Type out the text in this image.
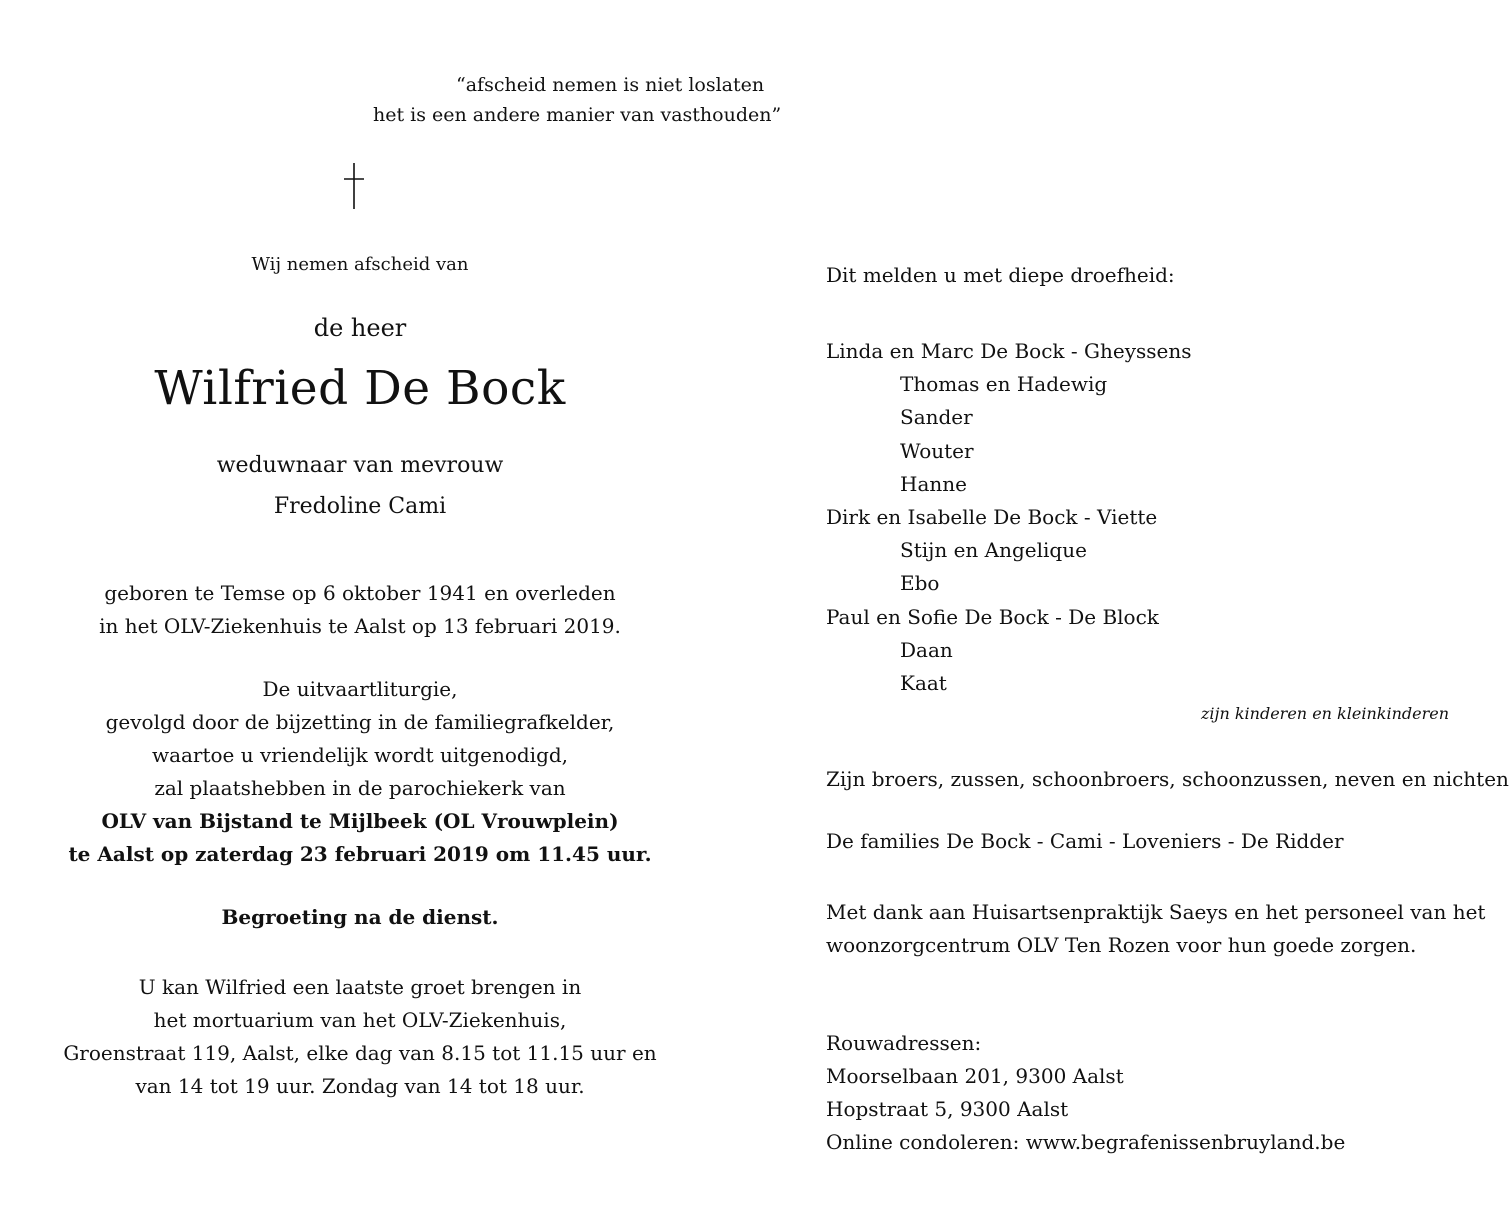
“afscheid nemen is niet loslaten
het is een andere manier van vasthouden”
Wij nemen afscheid van
de heer
Wilfried De Bock
weduwnaar van mevrouw
Fredoline Cami
geboren te Temse op 6 oktober 1941 en overleden
in het OLV-Ziekenhuis te Aalst op 13 februari 2019.
De uitvaartliturgie,
gevolgd door de bijzetting in de familiegrafkelder,
waartoe u vriendelijk wordt uitgenodigd,
zal plaatshebben in de parochiekerk van
OLV van Bijstand te Mijlbeek (OL Vrouwplein)
te Aalst op zaterdag 23 februari 2019 om 11.45 uur.
Begroeting na de dienst.
U kan Wilfried een laatste groet brengen in
het mortuarium van het OLV-Ziekenhuis,
Groenstraat 119, Aalst, elke dag van 8.15 tot 11.15 uur en
van 14 tot 19 uur. Zondag van 14 tot 18 uur.
Dit melden u met diepe droefheid:
Linda en Marc De Bock - Gheyssens
Thomas en Hadewig
Sander
Wouter
Hanne
Dirk en Isabelle De Bock - Viette
Stijn en Angelique
Ebo
Paul en Sofie De Bock - De Block
Daan
Kaat
zijn kinderen en kleinkinderen
Zijn broers, zussen, schoonbroers, schoonzussen, neven en nichten
De families De Bock - Cami - Loveniers - De Ridder
Met dank aan Huisartsenpraktijk Saeys en het personeel van het
woonzorgcentrum OLV Ten Rozen voor hun goede zorgen.
Rouwadressen:
Moorselbaan 201, 9300 Aalst
Hopstraat 5, 9300 Aalst
Online condoleren: www.begrafenissenbruyland.be
